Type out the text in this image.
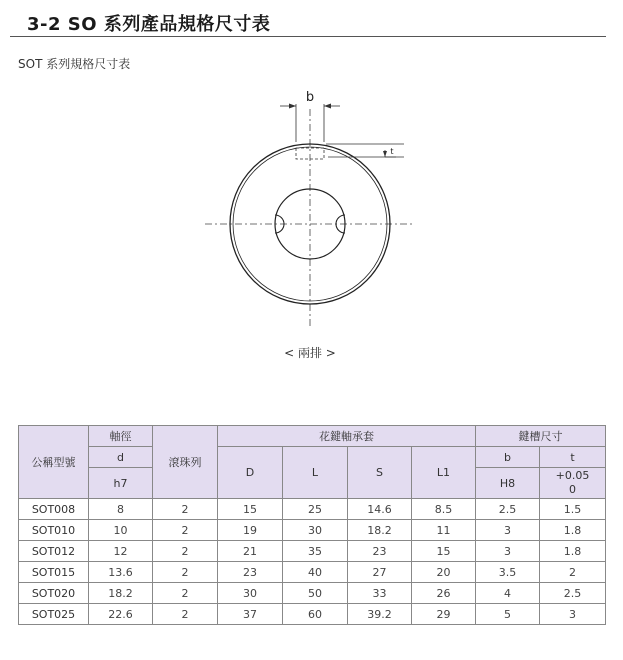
3-2 SO 系列產品規格尺寸表
SOT 系列規格尺寸表
b
t
< 兩排 >
公稱型號	軸徑	滾珠列	花鍵軸承套				鍵槽尺寸	
	d		D	L	S	L1	b	t
	h7						H8	+0.05
0

SOT008	8	2	15	25	14.6	8.5	2.5	1.5
SOT010	10	2	19	30	18.2	11	3	1.8
SOT012	12	2	21	35	23	15	3	1.8
SOT015	13.6	2	23	40	27	20	3.5	2
SOT020	18.2	2	30	50	33	26	4	2.5
SOT025	22.6	2	37	60	39.2	29	5	3
